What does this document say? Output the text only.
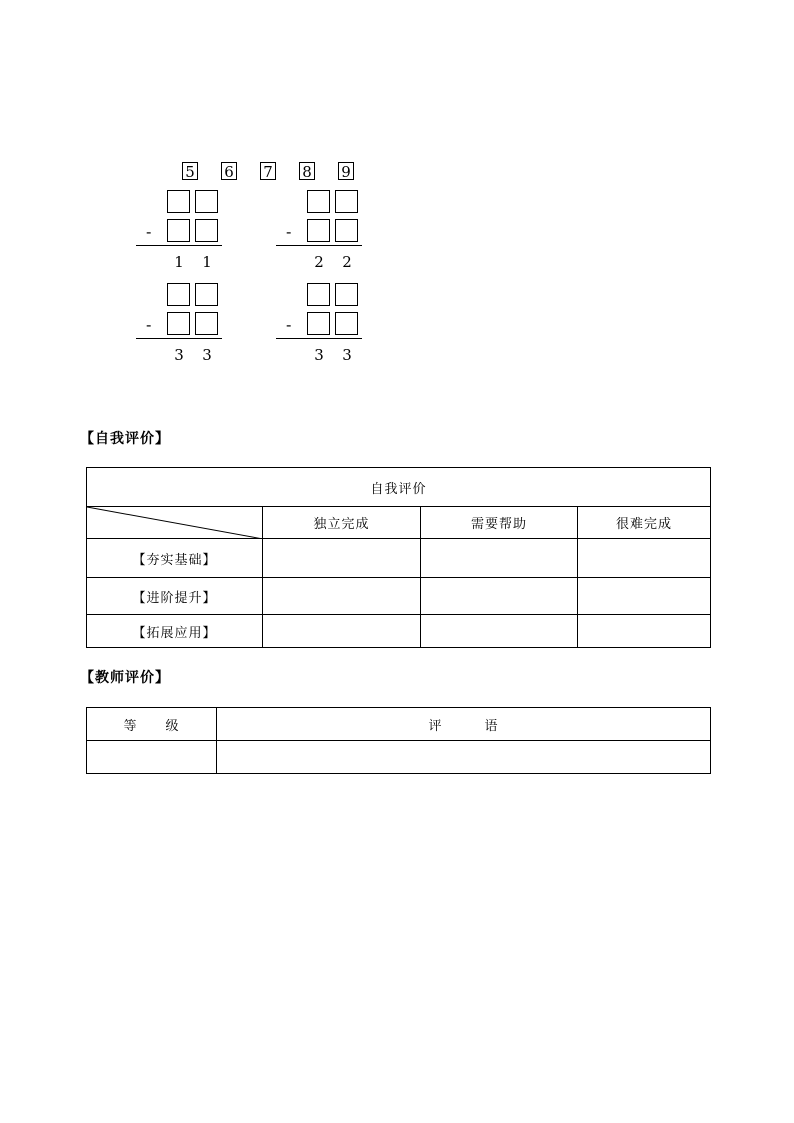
5 6 7 8 9
-
1 1
-
2 2
-
3 3
-
3 3
【自我评价】
自我评价			

	独立完成	需要帮助	很难完成
【夯实基础】			
【进阶提升】			
【拓展应用】			
【教师评价】
等　　级	评　　　语
